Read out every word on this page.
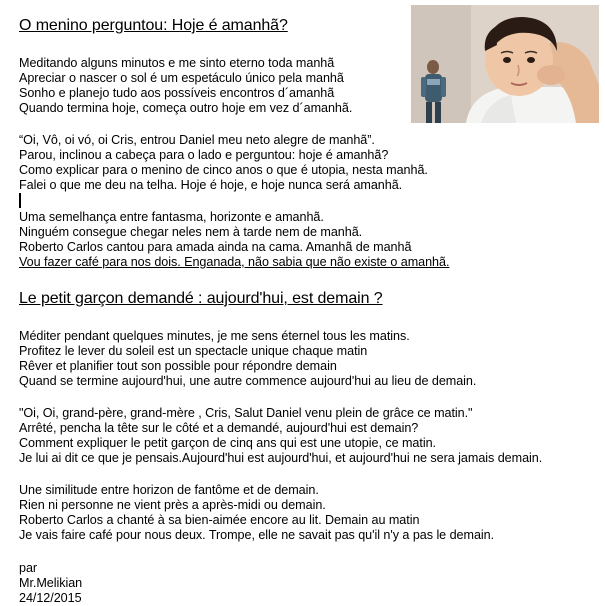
O menino perguntou: Hoje é amanhã?
Meditando alguns minutos e me sinto eterno toda manhã
Apreciar o nascer o sol é um espetáculo único pela manhã
Sonho e planejo tudo aos possíveis encontros d´amanhã
Quando termina hoje, começa outro hoje em vez d´amanhã.
“Oi, Vô, oi vó, oi Cris, entrou Daniel meu neto alegre de manhã”.
Parou, inclinou a cabeça para o lado e perguntou: hoje é amanhã?
Como explicar para o menino de cinco anos o que é utopia, nesta manhã.
Falei o que me deu na telha. Hoje é hoje, e hoje nunca será amanhã.
Uma semelhança entre fantasma, horizonte e amanhã.
Ninguém consegue chegar neles nem à tarde nem de manhã.
Roberto Carlos cantou para amada ainda na cama. Amanhã de manhã
Vou fazer café para nos dois. Enganada, não sabia que não existe o amanhã.
Le petit garçon demandé : aujourd'hui, est demain ?
Méditer pendant quelques minutes, je me sens éternel tous les matins.
Profitez le lever du soleil est un spectacle unique chaque matin
Rêver et planifier tout son possible pour répondre demain
Quand se termine aujourd'hui, une autre commence aujourd'hui au lieu de demain.
"Oi, Oi, grand-père, grand-mère , Cris, Salut Daniel venu plein de grâce ce matin."
Arrêté, pencha la tête sur le côté et a demandé, aujourd'hui est demain?
Comment expliquer le petit garçon de cinq ans qui est une utopie, ce matin.
Je lui ai dit ce que je pensais.Aujourd'hui est aujourd'hui, et aujourd'hui ne sera jamais demain.
Une similitude entre horizon de fantôme et de demain.
Rien ni personne ne vient près a après-midi ou demain.
Roberto Carlos a chanté à sa bien-aimée encore au lit. Demain au matin
Je vais faire café pour nous deux. Trompe, elle ne savait pas qu'il n'y a pas le demain.
par
Mr.Melikian
24/12/2015
